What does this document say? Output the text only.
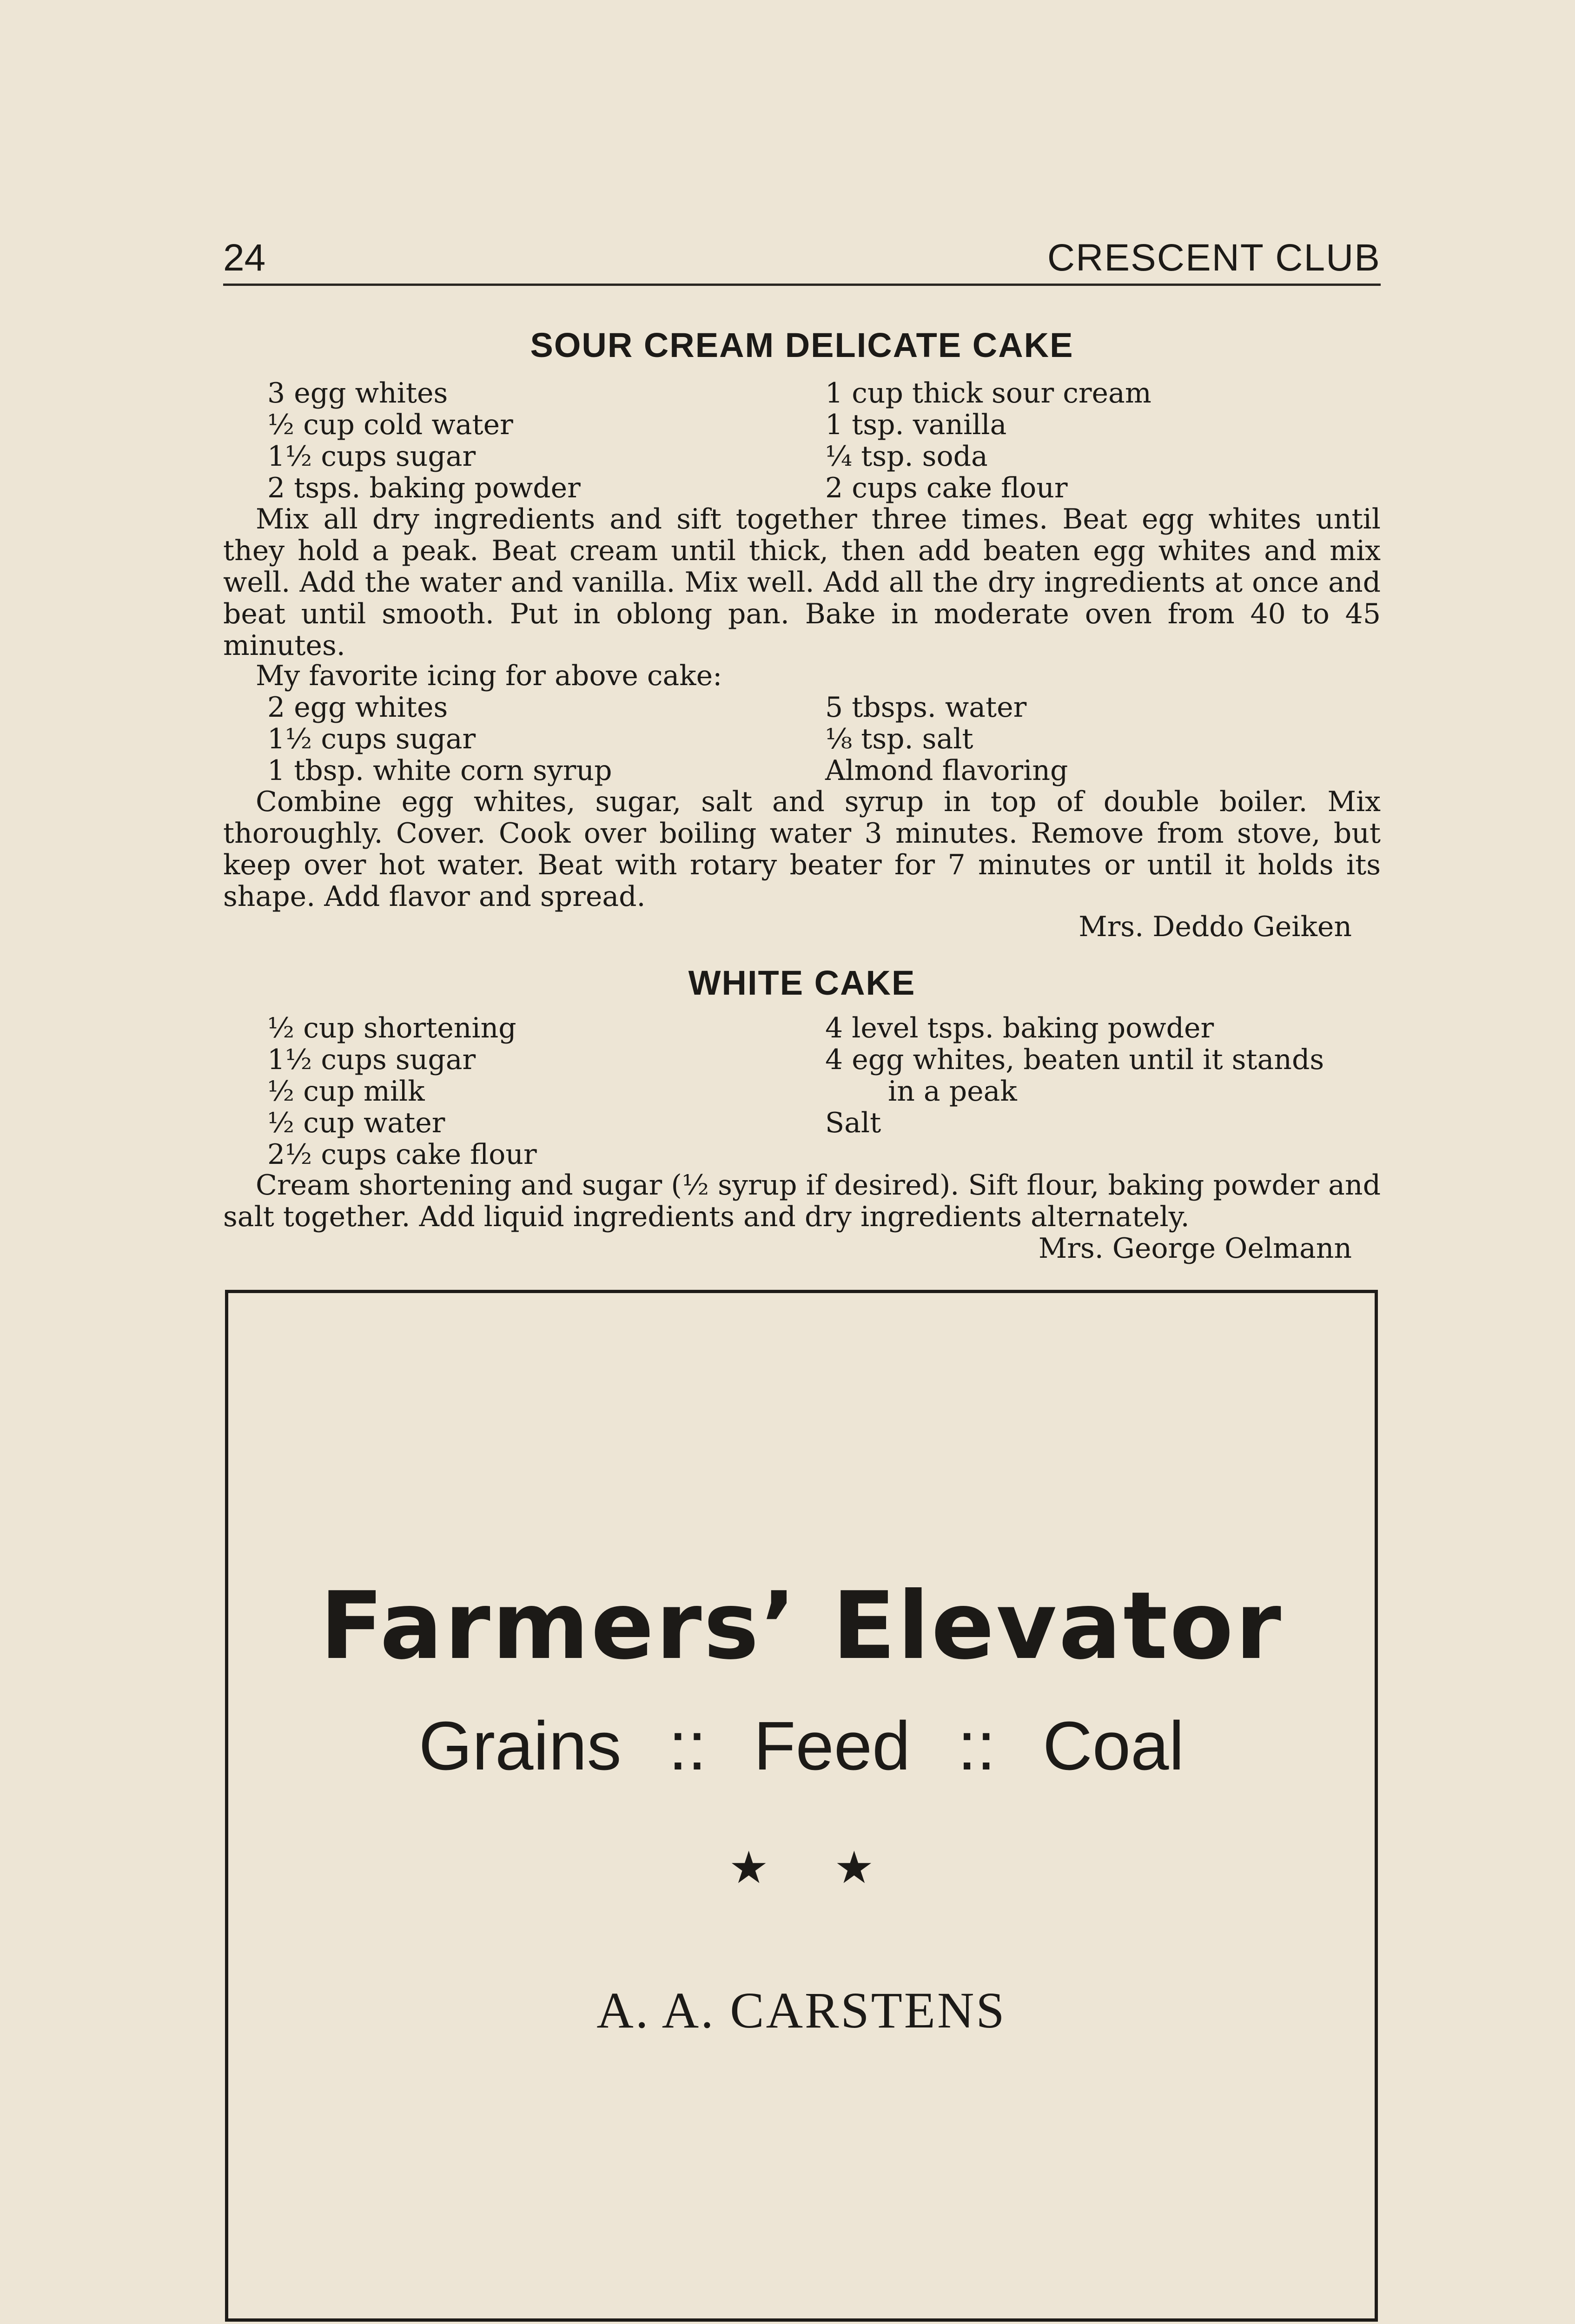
24	CRESCENT CLUB
SOUR CREAM DELICATE CAKE
3 egg whites
½ cup cold water
1½ cups sugar
2 tsps. baking powder
1 cup thick sour cream
1 tsp. vanilla
¼ tsp. soda
2 cups cake flour
Mix all dry ingredients and sift together three times. Beat egg whites until they hold a peak. Beat cream until thick, then add beaten egg whites and mix well. Add the water and vanilla. Mix well. Add all the dry ingredients at once and beat until smooth. Put in oblong pan. Bake in moderate oven from 40 to 45 minutes.
My favorite icing for above cake:
2 egg whites
1½ cups sugar
1 tbsp. white corn syrup
5 tbsps. water
⅛ tsp. salt
Almond flavoring
Combine egg whites, sugar, salt and syrup in top of double boiler. Mix thoroughly. Cover. Cook over boiling water 3 minutes. Remove from stove, but keep over hot water. Beat with rotary beater for 7 minutes or until it holds its shape. Add flavor and spread.
Mrs. Deddo Geiken
WHITE CAKE
½ cup shortening
1½ cups sugar
½ cup milk
½ cup water
2½ cups cake flour
4 level tsps. baking powder
4 egg whites, beaten until it stands
in a peak
Salt
Cream shortening and sugar (½ syrup if desired). Sift flour, baking powder and salt together. Add liquid ingredients and dry ingredients alternately.
Mrs. George Oelmann
Farmers’ Elevator
Grains :: Feed :: Coal
★ ★
A. A. CARSTENS
